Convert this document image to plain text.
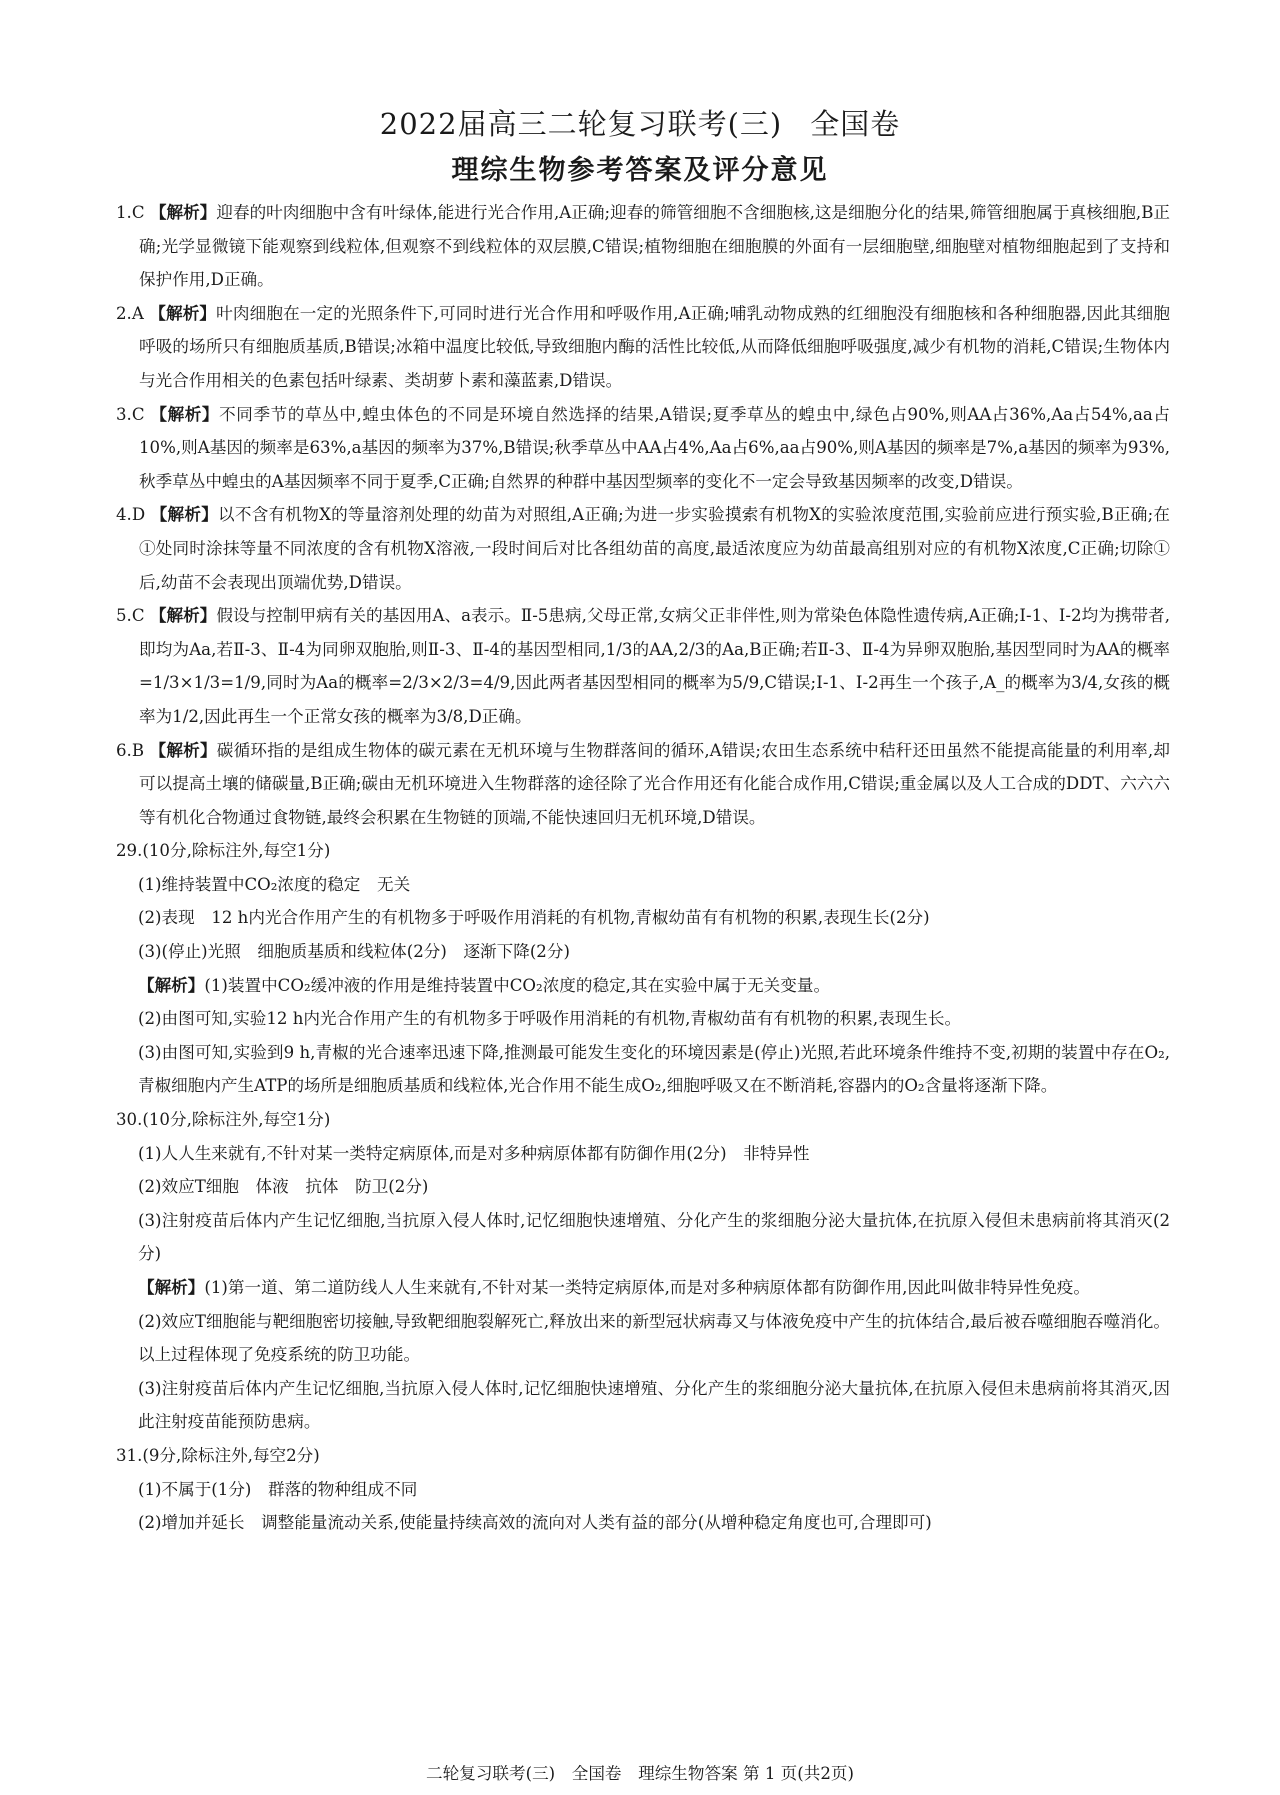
2022届高三二轮复习联考(三) 全国卷
理综生物参考答案及评分意见

1.C 【解析】迎春的叶肉细胞中含有叶绿体,能进行光合作用,A正确;迎春的筛管细胞不含细胞核,这是细胞分化的结果,筛管细胞属于真核细胞,B正确;光学显微镜下能观察到线粒体,但观察不到线粒体的双层膜,C错误;植物细胞在细胞膜的外面有一层细胞壁,细胞壁对植物细胞起到了支持和保护作用,D正确。

2.A 【解析】叶肉细胞在一定的光照条件下,可同时进行光合作用和呼吸作用,A正确;哺乳动物成熟的红细胞没有细胞核和各种细胞器,因此其细胞呼吸的场所只有细胞质基质,B错误;冰箱中温度比较低,导致细胞内酶的活性比较低,从而降低细胞呼吸强度,减少有机物的消耗,C错误;生物体内与光合作用相关的色素包括叶绿素、类胡萝卜素和藻蓝素,D错误。

3.C 【解析】不同季节的草丛中,蝗虫体色的不同是环境自然选择的结果,A错误;夏季草丛的蝗虫中,绿色占90%,则AA占36%,Aa占54%,aa占10%,则A基因的频率是63%,a基因的频率为37%,B错误;秋季草丛中AA占4%,Aa占6%,aa占90%,则A基因的频率是7%,a基因的频率为93%,秋季草丛中蝗虫的A基因频率不同于夏季,C正确;自然界的种群中基因型频率的变化不一定会导致基因频率的改变,D错误。

4.D 【解析】以不含有机物X的等量溶剂处理的幼苗为对照组,A正确;为进一步实验摸索有机物X的实验浓度范围,实验前应进行预实验,B正确;在①处同时涂抹等量不同浓度的含有机物X溶液,一段时间后对比各组幼苗的高度,最适浓度应为幼苗最高组别对应的有机物X浓度,C正确;切除①后,幼苗不会表现出顶端优势,D错误。

5.C 【解析】假设与控制甲病有关的基因用A、a表示。Ⅱ-5患病,父母正常,女病父正非伴性,则为常染色体隐性遗传病,A正确;Ⅰ-1、Ⅰ-2均为携带者,即均为Aa,若Ⅱ-3、Ⅱ-4为同卵双胞胎,则Ⅱ-3、Ⅱ-4的基因型相同,1/3的AA,2/3的Aa,B正确;若Ⅱ-3、Ⅱ-4为异卵双胞胎,基因型同时为AA的概率=1/3×1/3=1/9,同时为Aa的概率=2/3×2/3=4/9,因此两者基因型相同的概率为5/9,C错误;Ⅰ-1、Ⅰ-2再生一个孩子,A_的概率为3/4,女孩的概率为1/2,因此再生一个正常女孩的概率为3/8,D正确。

6.B 【解析】碳循环指的是组成生物体的碳元素在无机环境与生物群落间的循环,A错误;农田生态系统中秸秆还田虽然不能提高能量的利用率,却可以提高土壤的储碳量,B正确;碳由无机环境进入生物群落的途径除了光合作用还有化能合成作用,C错误;重金属以及人工合成的DDT、六六六等有机化合物通过食物链,最终会积累在生物链的顶端,不能快速回归无机环境,D错误。

29.(10分,除标注外,每空1分)

(1)维持装置中CO₂浓度的稳定　无关

(2)表现　12 h内光合作用产生的有机物多于呼吸作用消耗的有机物,青椒幼苗有有机物的积累,表现生长(2分)

(3)(停止)光照　细胞质基质和线粒体(2分)　逐渐下降(2分)

【解析】(1)装置中CO₂缓冲液的作用是维持装置中CO₂浓度的稳定,其在实验中属于无关变量。

(2)由图可知,实验12 h内光合作用产生的有机物多于呼吸作用消耗的有机物,青椒幼苗有有机物的积累,表现生长。

(3)由图可知,实验到9 h,青椒的光合速率迅速下降,推测最可能发生变化的环境因素是(停止)光照,若此环境条件维持不变,初期的装置中存在O₂,青椒细胞内产生ATP的场所是细胞质基质和线粒体,光合作用不能生成O₂,细胞呼吸又在不断消耗,容器内的O₂含量将逐渐下降。

30.(10分,除标注外,每空1分)

(1)人人生来就有,不针对某一类特定病原体,而是对多种病原体都有防御作用(2分)　非特异性

(2)效应T细胞　体液　抗体　防卫(2分)

(3)注射疫苗后体内产生记忆细胞,当抗原入侵人体时,记忆细胞快速增殖、分化产生的浆细胞分泌大量抗体,在抗原入侵但未患病前将其消灭(2分)

【解析】(1)第一道、第二道防线人人生来就有,不针对某一类特定病原体,而是对多种病原体都有防御作用,因此叫做非特异性免疫。

(2)效应T细胞能与靶细胞密切接触,导致靶细胞裂解死亡,释放出来的新型冠状病毒又与体液免疫中产生的抗体结合,最后被吞噬细胞吞噬消化。以上过程体现了免疫系统的防卫功能。

(3)注射疫苗后体内产生记忆细胞,当抗原入侵人体时,记忆细胞快速增殖、分化产生的浆细胞分泌大量抗体,在抗原入侵但未患病前将其消灭,因此注射疫苗能预防患病。

31.(9分,除标注外,每空2分)

(1)不属于(1分)　群落的物种组成不同

(2)增加并延长　调整能量流动关系,使能量持续高效的流向对人类有益的部分(从增种稳定角度也可,合理即可)

二轮复习联考(三)　全国卷　理综生物答案 第 1 页(共2页)
